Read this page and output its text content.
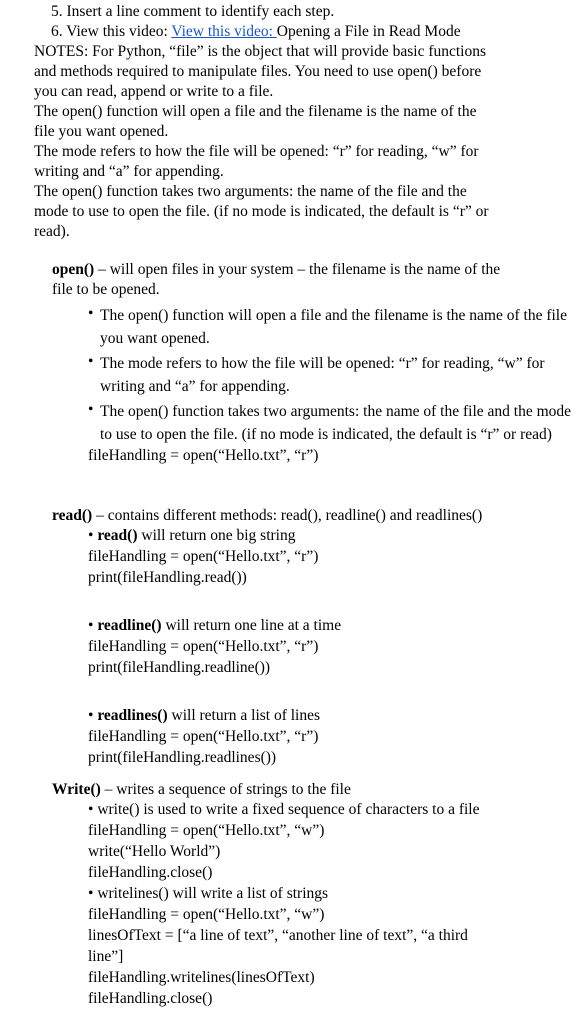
5. Insert a line comment to identify each step.
6. View this video: View this video: Opening a File in Read Mode
NOTES: For Python, “file” is the object that will provide basic functions
and methods required to manipulate files. You need to use open() before
you can read, append or write to a file.
The open() function will open a file and the filename is the name of the
file you want opened.
The mode refers to how the file will be opened: “r” for reading, “w” for
writing and “a” for appending.
The open() function takes two arguments: the name of the file and the
mode to use to open the file. (if no mode is indicated, the default is “r” or
read).
open() – will open files in your system – the filename is the name of the
file to be opened.
• The open() function will open a file and the filename is the name of the file you want opened.
• The mode refers to how the file will be opened: “r” for reading, “w” for writing and “a” for appending.
• The open() function takes two arguments: the name of the file and the mode to use to open the file. (if no mode is indicated, the default is “r” or read)
fileHandling = open(“Hello.txt”, “r”)
read() – contains different methods: read(), readline() and readlines()
• read() will return one big string
fileHandling = open(“Hello.txt”, “r”)
print(fileHandling.read())
• readline() will return one line at a time
fileHandling = open(“Hello.txt”, “r”)
print(fileHandling.readline())
• readlines() will return a list of lines
fileHandling = open(“Hello.txt”, “r”)
print(fileHandling.readlines())
Write() – writes a sequence of strings to the file
• write() is used to write a fixed sequence of characters to a file
fileHandling = open(“Hello.txt”, “w”)
write(“Hello World”)
fileHandling.close()
• writelines() will write a list of strings
fileHandling = open(“Hello.txt”, “w”)
linesOfText = [“a line of text”, “another line of text”, “a third
line”]
fileHandling.writelines(linesOfText)
fileHandling.close()
